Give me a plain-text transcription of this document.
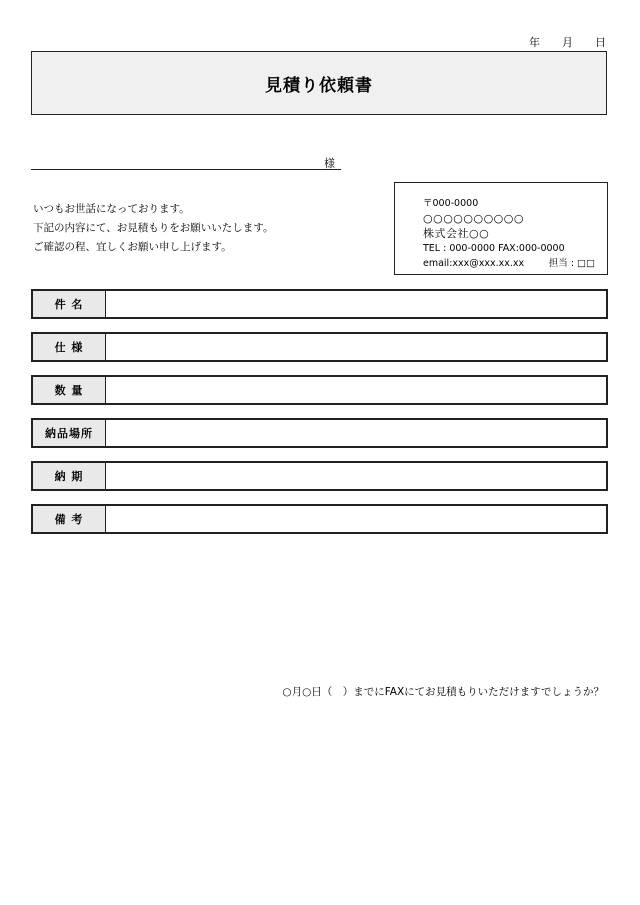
年 月 日
見積り依頼書
様

いつもお世話になっております。

下記の内容にて、お見積もりをお願いいたします。

ご確認の程、宜しくお願い申し上げます。

〒000-0000
○○○○○○○○○○
株式会社○○
TEL : 000-0000 FAX:000-0000
email:xxx@xxx.xx.xx	担当 : □□
件 名
仕 様
数 量
納品場所
納 期
備 考
○月○日（　）までにFAXにてお見積もりいただけますでしょうか？
